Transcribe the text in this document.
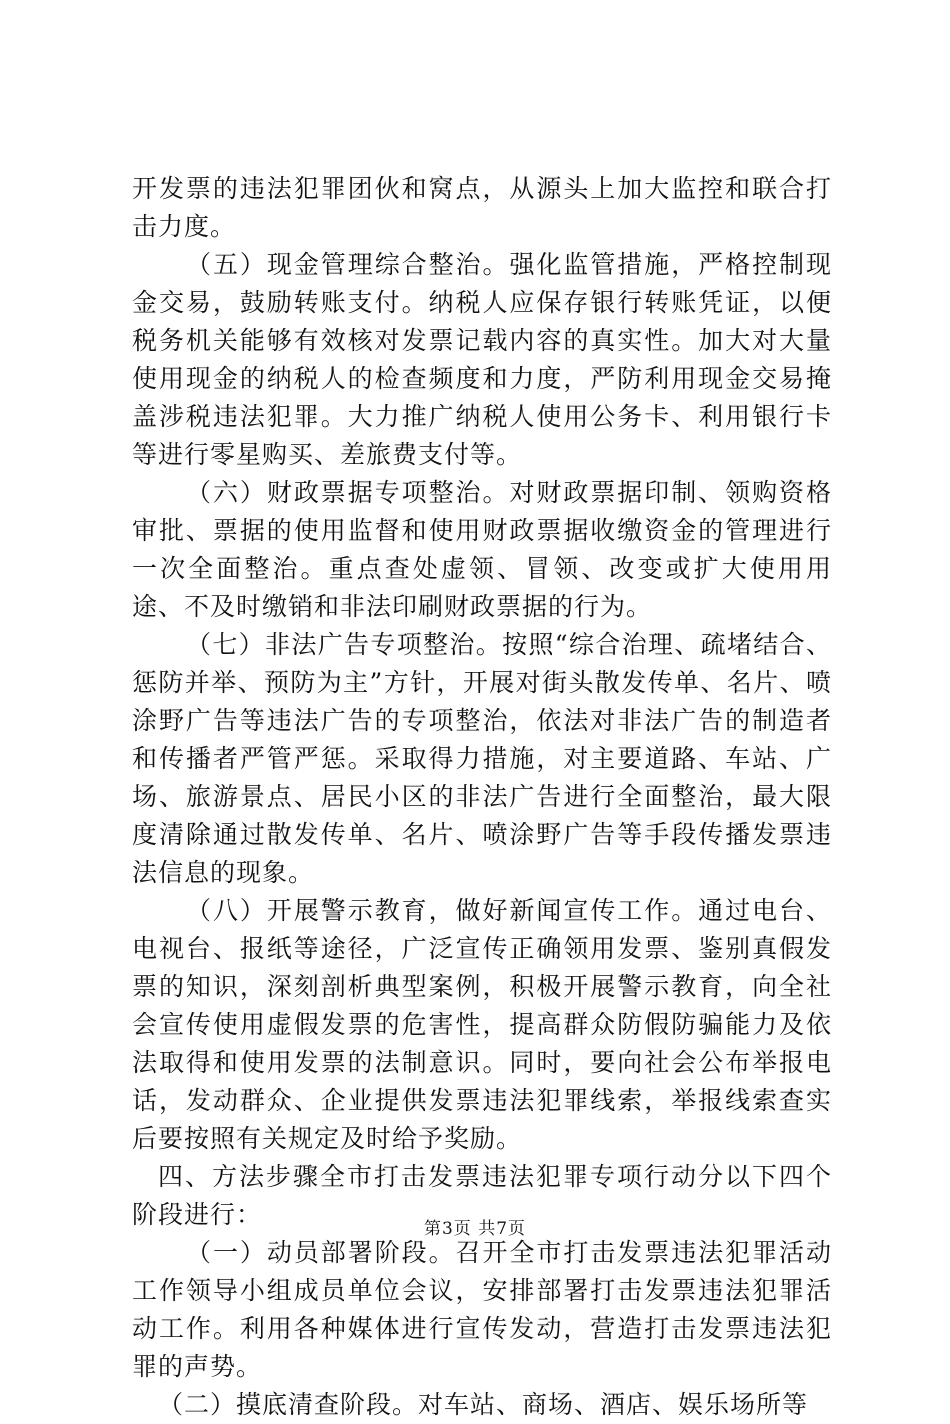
开发票的违法犯罪团伙和窝点，从源头上加大监控和联合打击力度。

（五）现金管理综合整治。强化监管措施，严格控制现金交易，鼓励转账支付。纳税人应保存银行转账凭证，以便税务机关能够有效核对发票记载内容的真实性。加大对大量使用现金的纳税人的检查频度和力度，严防利用现金交易掩盖涉税违法犯罪。大力推广纳税人使用公务卡、利用银行卡等进行零星购买、差旅费支付等。

（六）财政票据专项整治。对财政票据印制、领购资格审批、票据的使用监督和使用财政票据收缴资金的管理进行一次全面整治。重点查处虚领、冒领、改变或扩大使用用途、不及时缴销和非法印刷财政票据的行为。

（七）非法广告专项整治。按照“综合治理、疏堵结合、惩防并举、预防为主”方针，开展对街头散发传单、名片、喷涂野广告等违法广告的专项整治，依法对非法广告的制造者和传播者严管严惩。采取得力措施，对主要道路、车站、广场、旅游景点、居民小区的非法广告进行全面整治，最大限度清除通过散发传单、名片、喷涂野广告等手段传播发票违法信息的现象。

（八）开展警示教育，做好新闻宣传工作。通过电台、电视台、报纸等途径，广泛宣传正确领用发票、鉴别真假发票的知识，深刻剖析典型案例，积极开展警示教育，向全社会宣传使用虚假发票的危害性，提高群众防假防骗能力及依法取得和使用发票的法制意识。同时，要向社会公布举报电话，发动群众、企业提供发票违法犯罪线索，举报线索查实后要按照有关规定及时给予奖励。

四、方法步骤全市打击发票违法犯罪专项行动分以下四个阶段进行：

（一）动员部署阶段。召开全市打击发票违法犯罪活动工作领导小组成员单位会议，安排部署打击发票违法犯罪活动工作。利用各种媒体进行宣传发动，营造打击发票违法犯罪的声势。

（二）摸底清查阶段。对车站、商场、酒店、娱乐场所等

第3页 共7页
